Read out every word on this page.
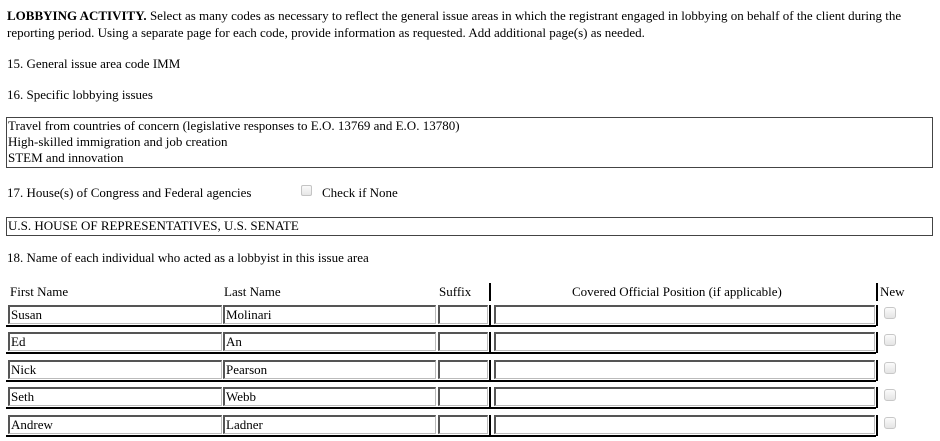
LOBBYING ACTIVITY. Select as many codes as necessary to reflect the general issue areas in which the registrant engaged in lobbying on behalf of the client during the reporting period. Using a separate page for each code, provide information as requested. Add additional page(s) as needed.
15. General issue area code IMM
16. Specific lobbying issues
Travel from countries of concern (legislative responses to E.O. 13769 and E.O. 13780)
High-skilled immigration and job creation
STEM and innovation
17. House(s) of Congress and Federal agencies	Check if None
U.S. HOUSE OF REPRESENTATIVES, U.S. SENATE
18. Name of each individual who acted as a lobbyist in this issue area
First Name	Last Name	Suffix	Covered Official Position (if applicable)	New
Susan	Molinari
Ed	An
Nick	Pearson
Seth	Webb
Andrew	Ladner
